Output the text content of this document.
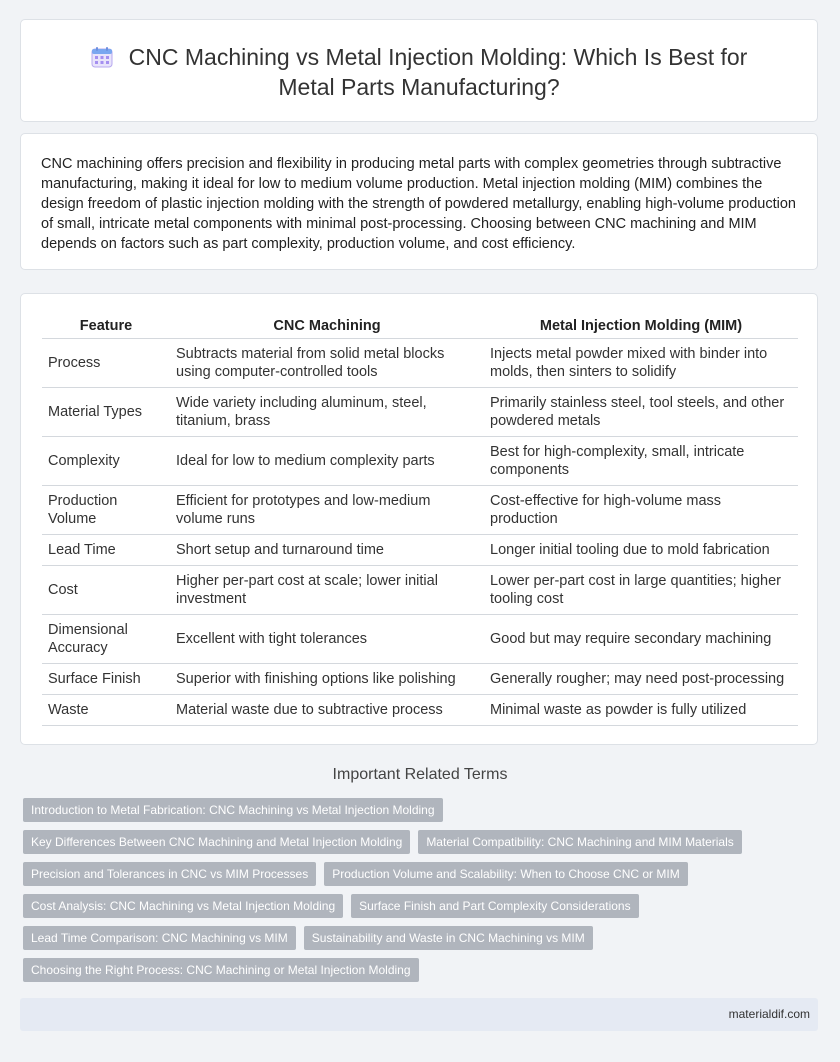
CNC Machining vs Metal Injection Molding: Which Is Best for
Metal Parts Manufacturing?
CNC machining offers precision and flexibility in producing metal parts with complex geometries through subtractive manufacturing, making it ideal for low to medium volume production. Metal injection molding (MIM) combines the design freedom of plastic injection molding with the strength of powdered metallurgy, enabling high-volume production of small, intricate metal components with minimal post-processing. Choosing between CNC machining and MIM depends on factors such as part complexity, production volume, and cost efficiency.
Feature	CNC Machining	Metal Injection Molding (MIM)
Process	Subtracts material from solid metal blocks using computer-controlled tools	Injects metal powder mixed with binder into molds, then sinters to solidify
Material Types	Wide variety including aluminum, steel, titanium, brass	Primarily stainless steel, tool steels, and other powdered metals
Complexity	Ideal for low to medium complexity parts	Best for high-complexity, small, intricate components
Production Volume	Efficient for prototypes and low-medium volume runs	Cost-effective for high-volume mass production
Lead Time	Short setup and turnaround time	Longer initial tooling due to mold fabrication
Cost	Higher per-part cost at scale; lower initial investment	Lower per-part cost in large quantities; higher tooling cost
Dimensional Accuracy	Excellent with tight tolerances	Good but may require secondary machining
Surface Finish	Superior with finishing options like polishing	Generally rougher; may need post-processing
Waste	Material waste due to subtractive process	Minimal waste as powder is fully utilized
Important Related Terms
Introduction to Metal Fabrication: CNC Machining vs Metal Injection Molding
Key Differences Between CNC Machining and Metal Injection Molding	Material Compatibility: CNC Machining and MIM Materials
Precision and Tolerances in CNC vs MIM Processes	Production Volume and Scalability: When to Choose CNC or MIM
Cost Analysis: CNC Machining vs Metal Injection Molding	Surface Finish and Part Complexity Considerations
Lead Time Comparison: CNC Machining vs MIM	Sustainability and Waste in CNC Machining vs MIM
Choosing the Right Process: CNC Machining or Metal Injection Molding
materialdif.com
